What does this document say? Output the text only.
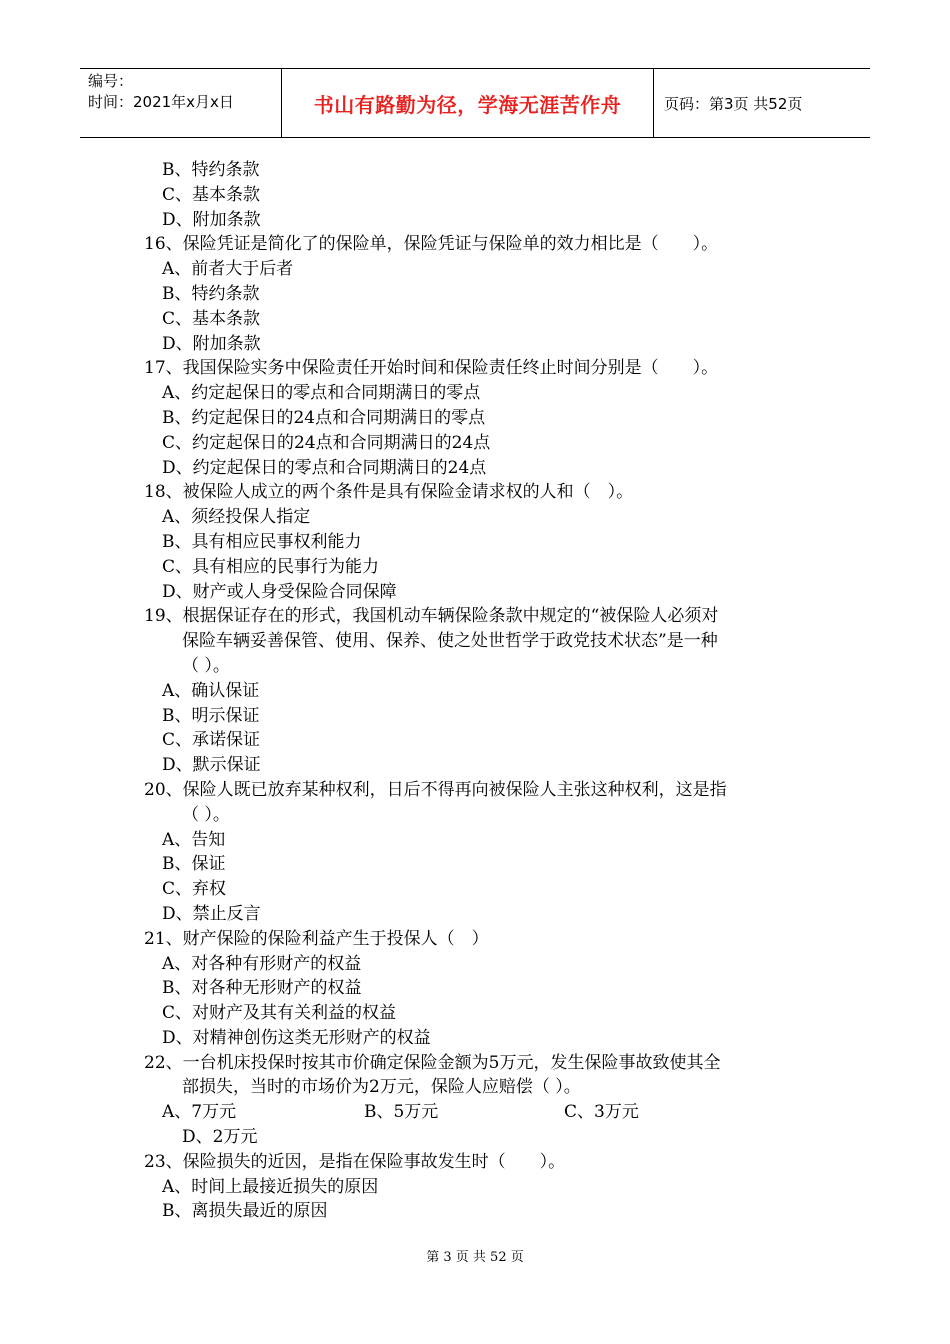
编号：
时间：2021年x月x日	书山有路勤为径，学海无涯苦作舟	页码：第3页 共52页
B、特约条款
C、基本条款
D、附加条款
16、保险凭证是简化了的保险单，保险凭证与保险单的效力相比是（　　）。
A、前者大于后者
B、特约条款
C、基本条款
D、附加条款
17、我国保险实务中保险责任开始时间和保险责任终止时间分别是（　　）。
A、约定起保日的零点和合同期满日的零点
B、约定起保日的24点和合同期满日的零点
C、约定起保日的24点和合同期满日的24点
D、约定起保日的零点和合同期满日的24点
18、被保险人成立的两个条件是具有保险金请求权的人和（　）。
A、须经投保人指定
B、具有相应民事权利能力
C、具有相应的民事行为能力
D、财产或人身受保险合同保障
19、根据保证存在的形式，我国机动车辆保险条款中规定的“被保险人必须对
保险车辆妥善保管、使用、保养、使之处世哲学于政党技术状态”是一种
（ ）。
A、确认保证
B、明示保证
C、承诺保证
D、默示保证
20、保险人既已放弃某种权利，日后不得再向被保险人主张这种权利，这是指
（ ）。
A、告知
B、保证
C、弃权
D、禁止反言
21、财产保险的保险利益产生于投保人（　）
A、对各种有形财产的权益
B、对各种无形财产的权益
C、对财产及其有关利益的权益
D、对精神创伤这类无形财产的权益
22、一台机床投保时按其市价确定保险金额为5万元，发生保险事故致使其全
部损失，当时的市场价为2万元，保险人应赔偿（ ）。
A、7万元	B、5万元	C、3万元
D、2万元
23、保险损失的近因，是指在保险事故发生时（　　）。
A、时间上最接近损失的原因
B、离损失最近的原因
第 3 页 共 52 页
